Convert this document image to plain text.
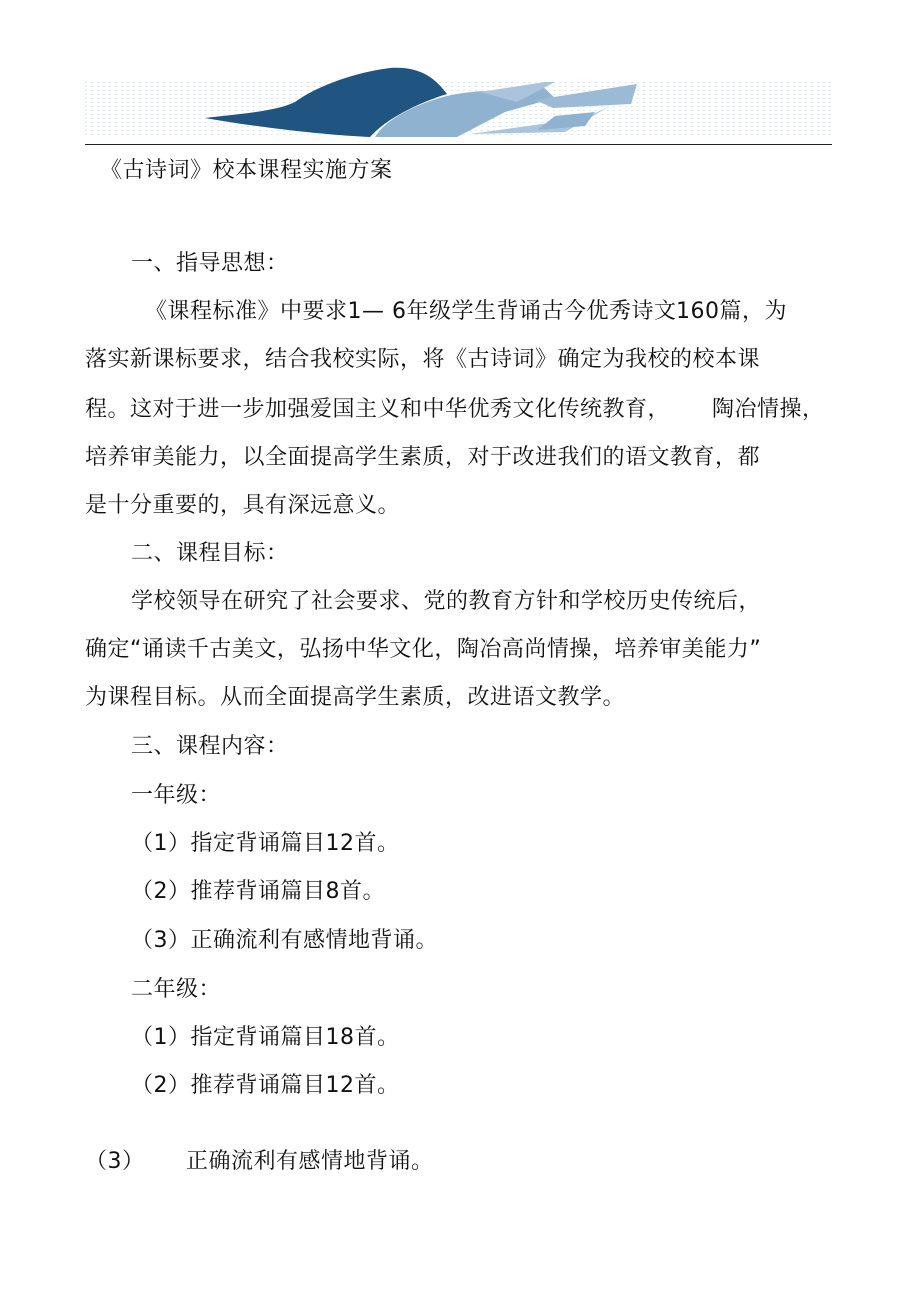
《古诗词》校本课程实施方案

一、指导思想：

《课程标准》中要求1— 6年级学生背诵古今优秀诗文

160篇，为

落实新课标要求，结合我校实际，将《古诗词》确定为我校的校本课

程。这对于进一步加强爱国主义和中华优秀文化传统教育，

陶冶情操，

培养审美能力，以全面提高学生素质，对于改进我们的语文教育，都

是十分重要的，具有深远意义。

二、课程目标：

学校领导在研究了社会要求、党的教育方针和学校历史传统后，

确定“诵读千古美文，弘扬中华文化，陶冶高尚情操，培养审美能力”

为课程目标。从而全面提高学生素质，改进语文教学。

三、课程内容：

一年级：

（1）指定背诵篇目12首。

（2）推荐背诵篇目8首。

（3）正确流利有感情地背诵。

二年级：

（1）指定背诵篇目18首。

（2）推荐背诵篇目12首。

（3）

正确流利有感情地背诵。
